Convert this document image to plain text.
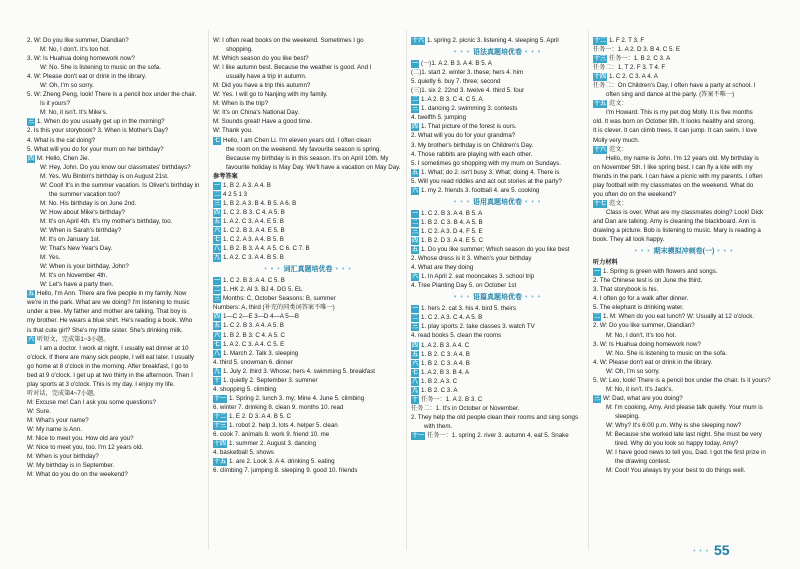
2. W: Do you like summer, Diandian?
M: No, I don't. It's too hot.
3. W: Is Huahua doing homework now?
W: No. She is listening to music on the sofa.
4. W: Please don't eat or drink in the library.
W: Oh, I'm so sorry.
5. W: Zheng Peng, look! There is a pencil box under the chair.
Is it yours?
M: No, it isn't. It's Mike's.
三 1. When do you usually get up in the morning?
2. Is this your storybook? 3. When is Mother's Day?
4. What is the cat doing?
5. What will you do for your mum on her birthday?
四 M: Hello, Chen Jie.
W: Hey, John. Do you know our classmates' birthdays?
M: Yes. Wu Binbin's birthday is on August 21st.
W: Cool! It's in the summer vacation. Is Oliver's birthday in
the summer vacation too?
M: No. His birthday is on June 2nd.
W: How about Mike's birthday?
M: It's on April 4th. It's my mother's birthday, too.
W: When is Sarah's birthday?
M: It's on January 1st.
W: That's New Year's Day.
M: Yes.
W: When is your birthday, John?
M: It's on November 4th.
W: Let's have a party then.
五 Hello, I'm Ann. There are five people in my family. Now
we're in the park. What are we doing? I'm listening to music
under a tree. My father and mother are talking. That boy is
my brother. He wears a blue shirt. He's reading a book. Who
is that cute girl? She's my little sister. She's drinking milk.
六 听短文，完成第1~3小题。
I am a doctor. I work at night. I usually eat dinner at 10
o'clock. If there are many sick people, I will eat later. I usually
go home at 8 o'clock in the morning. After breakfast, I go to
bed at 9 o'clock. I get up at two thirty in the afternoon. Then I
play sports at 3 o'clock. This is my day. I enjoy my life.
听对话，完成第4~7小题。
M: Excuse me! Can I ask you some questions?
W: Sure.
M: What's your name?
W: My name is Ann.
M: Nice to meet you. How old are you?
W: Nice to meet you, too. I'm 12 years old.
M: When is your birthday?
W: My birthday is in September.
M: What do you do on the weekend?
W: I often read books on the weekend. Sometimes I go
shopping.
M: Which season do you like best?
W: I like autumn best. Because the weather is good. And I
usually have a trip in autumn.
M: Did you have a trip this autumn?
W: Yes. I will go to Nanjing with my family.
M: When is the trip?
W: It's on China's National Day.
M: Sounds great! Have a good time.
W: Thank you.
七 Hello, I am Chen Li. I'm eleven years old. I often clean
the room on the weekend. My favourite season is spring.
Because my birthday is in this season. It's on April 10th. My
favourite holiday is May Day. We'll have a vacation on May Day.
参考答案
一 1. B 2. A 3. A 4. B
二 4 2 5 1 3
三 1. B 2. A 3. B 4. B 5. A 6. B
四 1. C 2. B 3. C 4. A 5. B
五 1. A 2. C 3. A 4. E 5. B
六 1. C 2. B 3. A 4. E 5. B
七 1. C 2. A 3. A 4. B 5. B
八 1. B 2. B 3. A 4. A 5. C 6. C 7. B
九 1. A 2. C 3. A 4. B 5. B
• • • 词汇真题培优卷 • • •
一 1. C 2. B 3. A 4. C 5. B
二 1. HK 2. AI 3. BJ 4. DG 5. EL
三 Months: C, October Seasons: B, summer
Numbers: A, third (补充的同类词答案不唯一)
四 1—C 2—E 3—D 4—A 5—B
五 1. C 2. B 3. A 4. A 5. B
六 1. B 2. B 3. C 4. A 5. C
七 1. A 2. C 3. A 4. C 5. E
八 1. March 2. Talk 3. sleeping
4. third 5. snowman 6. dinner
九 1. July 2. third 3. Whose; hers 4. swimming 5. breakfast
十 1. quietly 2. September 3. summer
4. shopping 5. climbing
十一 1. Spring 2. lunch 3. my; Mine 4. June 5. climbing
6. winter 7. drinking 8. clean 9. months 10. read
十二 1. E 2. D 3. A 4. B 5. C
十三 1. robot 2. help 3. lots 4. helper 5. clean
6. cook 7. animals 8. work 9. friend 10. me
十四 1. summer 2. August 3. dancing
4. basketball 5. shows
十五 1. are 2. Look 3. A 4. drinking 5. eating
6. climbing 7. jumping 8. sleeping 9. good 10. friends
十六 1. spring 2. picnic 3. listening 4. sleeping 5. April
• • • 语法真题培优卷 • • •
一 (一)1. A 2. B 3. A 4. B 5. A
(二)1. start 2. winter 3. these; hers 4. him
5. quietly 6. buy 7. three; second
(三)1. six 2. 22nd 3. twelve 4. third 5. four
二 1. A 2. B 3. C 4. C 5. A
三 1. dancing 2. swimming 3. contests
4. twelfth 5. jumping
四 1. That picture of the forest is ours.
2. What will you do for your grandma?
3. My brother's birthday is on Children's Day.
4. Those rabbits are playing with each other.
5. I sometimes go shopping with my mum on Sundays.
五 1. What; do 2. isn't busy 3. What; doing 4. There is
5. Will you read riddles and act out stories at the party?
六 1. my 2. friends 3. football 4. are 5. cooking
• • • 语用真题培优卷 • • •
一 1. C 2. B 3. A 4. B 5. A
二 1. B 2. C 3. B 4. A 5. B
三 1. C 2. A 3. D 4. F 5. E
四 1. B 2. D 3. A 4. E 5. C
五 1. Do you like summer; Which season do you like best
2. Whose dress is it 3. When's your birthday
4. What are they doing
六 1. In April 2. eat mooncakes 3. school trip
4. Tree Planting Day 5. on October 1st
• • • 语篇真题培优卷 • • •
一 1. hers 2. cat 3. his 4. bird 5. theirs
二 1. C 2. A 3. C 4. A 5. B
三 1. play sports 2. take classes 3. watch TV
4. read books 5. clean the rooms
四 1. A 2. B 3. A 4. C
五 1. B 2. C 3. A 4. B
六 1. B 2. C 3. A 4. B
七 1. A 2. B 3. B 4. A
八 1. B 2. A 3. C
九 1. B 2. C 3. A
十 任务一：1. A 2. B 3. C
任务二：1. It's in October or November.
2. They help the old people clean their rooms and sing songs
with them.
十一 任务一：1. spring 2. river 3. autumn 4. eat 5. Snake
十二 1. F 2. T 3. F
任务一：1. A 2. D 3. B 4. C 5. E
十三 任务一：1. B 2. C 3. A
任务二：1. T 2. F 3. T 4. F
十四 1. C 2. C 3. A 4. A
任务二：On Children's Day, I often have a party at school. I
often sing and dance at the party. (答案不唯一)
十五 范文：
I'm Howard. This is my pet dog Molly. It is five months
old. It was born on October 8th. It looks healthy and strong.
It is clever. It can climb trees. It can jump. It can swim. I love
Molly very much.
十六 范文：
Hello, my name is John. I'm 12 years old. My birthday is
on November 5th. I like spring best. I can fly a kite with my
friends in the park. I can have a picnic with my parents. I often
play football with my classmates on the weekend. What do
you often do on the weekend?
十七 范文：
Class is over. What are my classmates doing? Look! Dick
and Dan are talking. Amy is cleaning the blackboard. Ann is
drawing a picture. Bob is listening to music. Mary is reading a
book. They all look happy.
• • • 期末模拟冲刺卷(一) • • •
听力材料
一 1. Spring is green with flowers and songs.
2. The Chinese test is on June the third.
3. That storybook is his.
4. I often go for a walk after dinner.
5. The elephant is drinking water.
二 1. M: When do you eat lunch? W: Usually at 12 o'clock.
2. W: Do you like summer, Diandian?
M: No, I don't. It's too hot.
3. W: Is Huahua doing homework now?
W: No. She is listening to music on the sofa.
4. W: Please don't eat or drink in the library.
W: Oh, I'm so sorry.
5. W: Leo, look! There is a pencil box under the chair. Is it yours?
M: No, it isn't. It's Jack's.
三 W: Dad, what are you doing?
M: I'm cooking, Amy. And please talk quietly. Your mum is
sleeping.
W: Why? It's 6:00 p.m. Why is she sleeping now?
M: Because she worked late last night. She must be very
tired. Why do you look so happy today, Amy?
W: I have good news to tell you, Dad. I got the first prize in
the drawing contest.
M: Cool! You always try your best to do things well.
• • • 55
